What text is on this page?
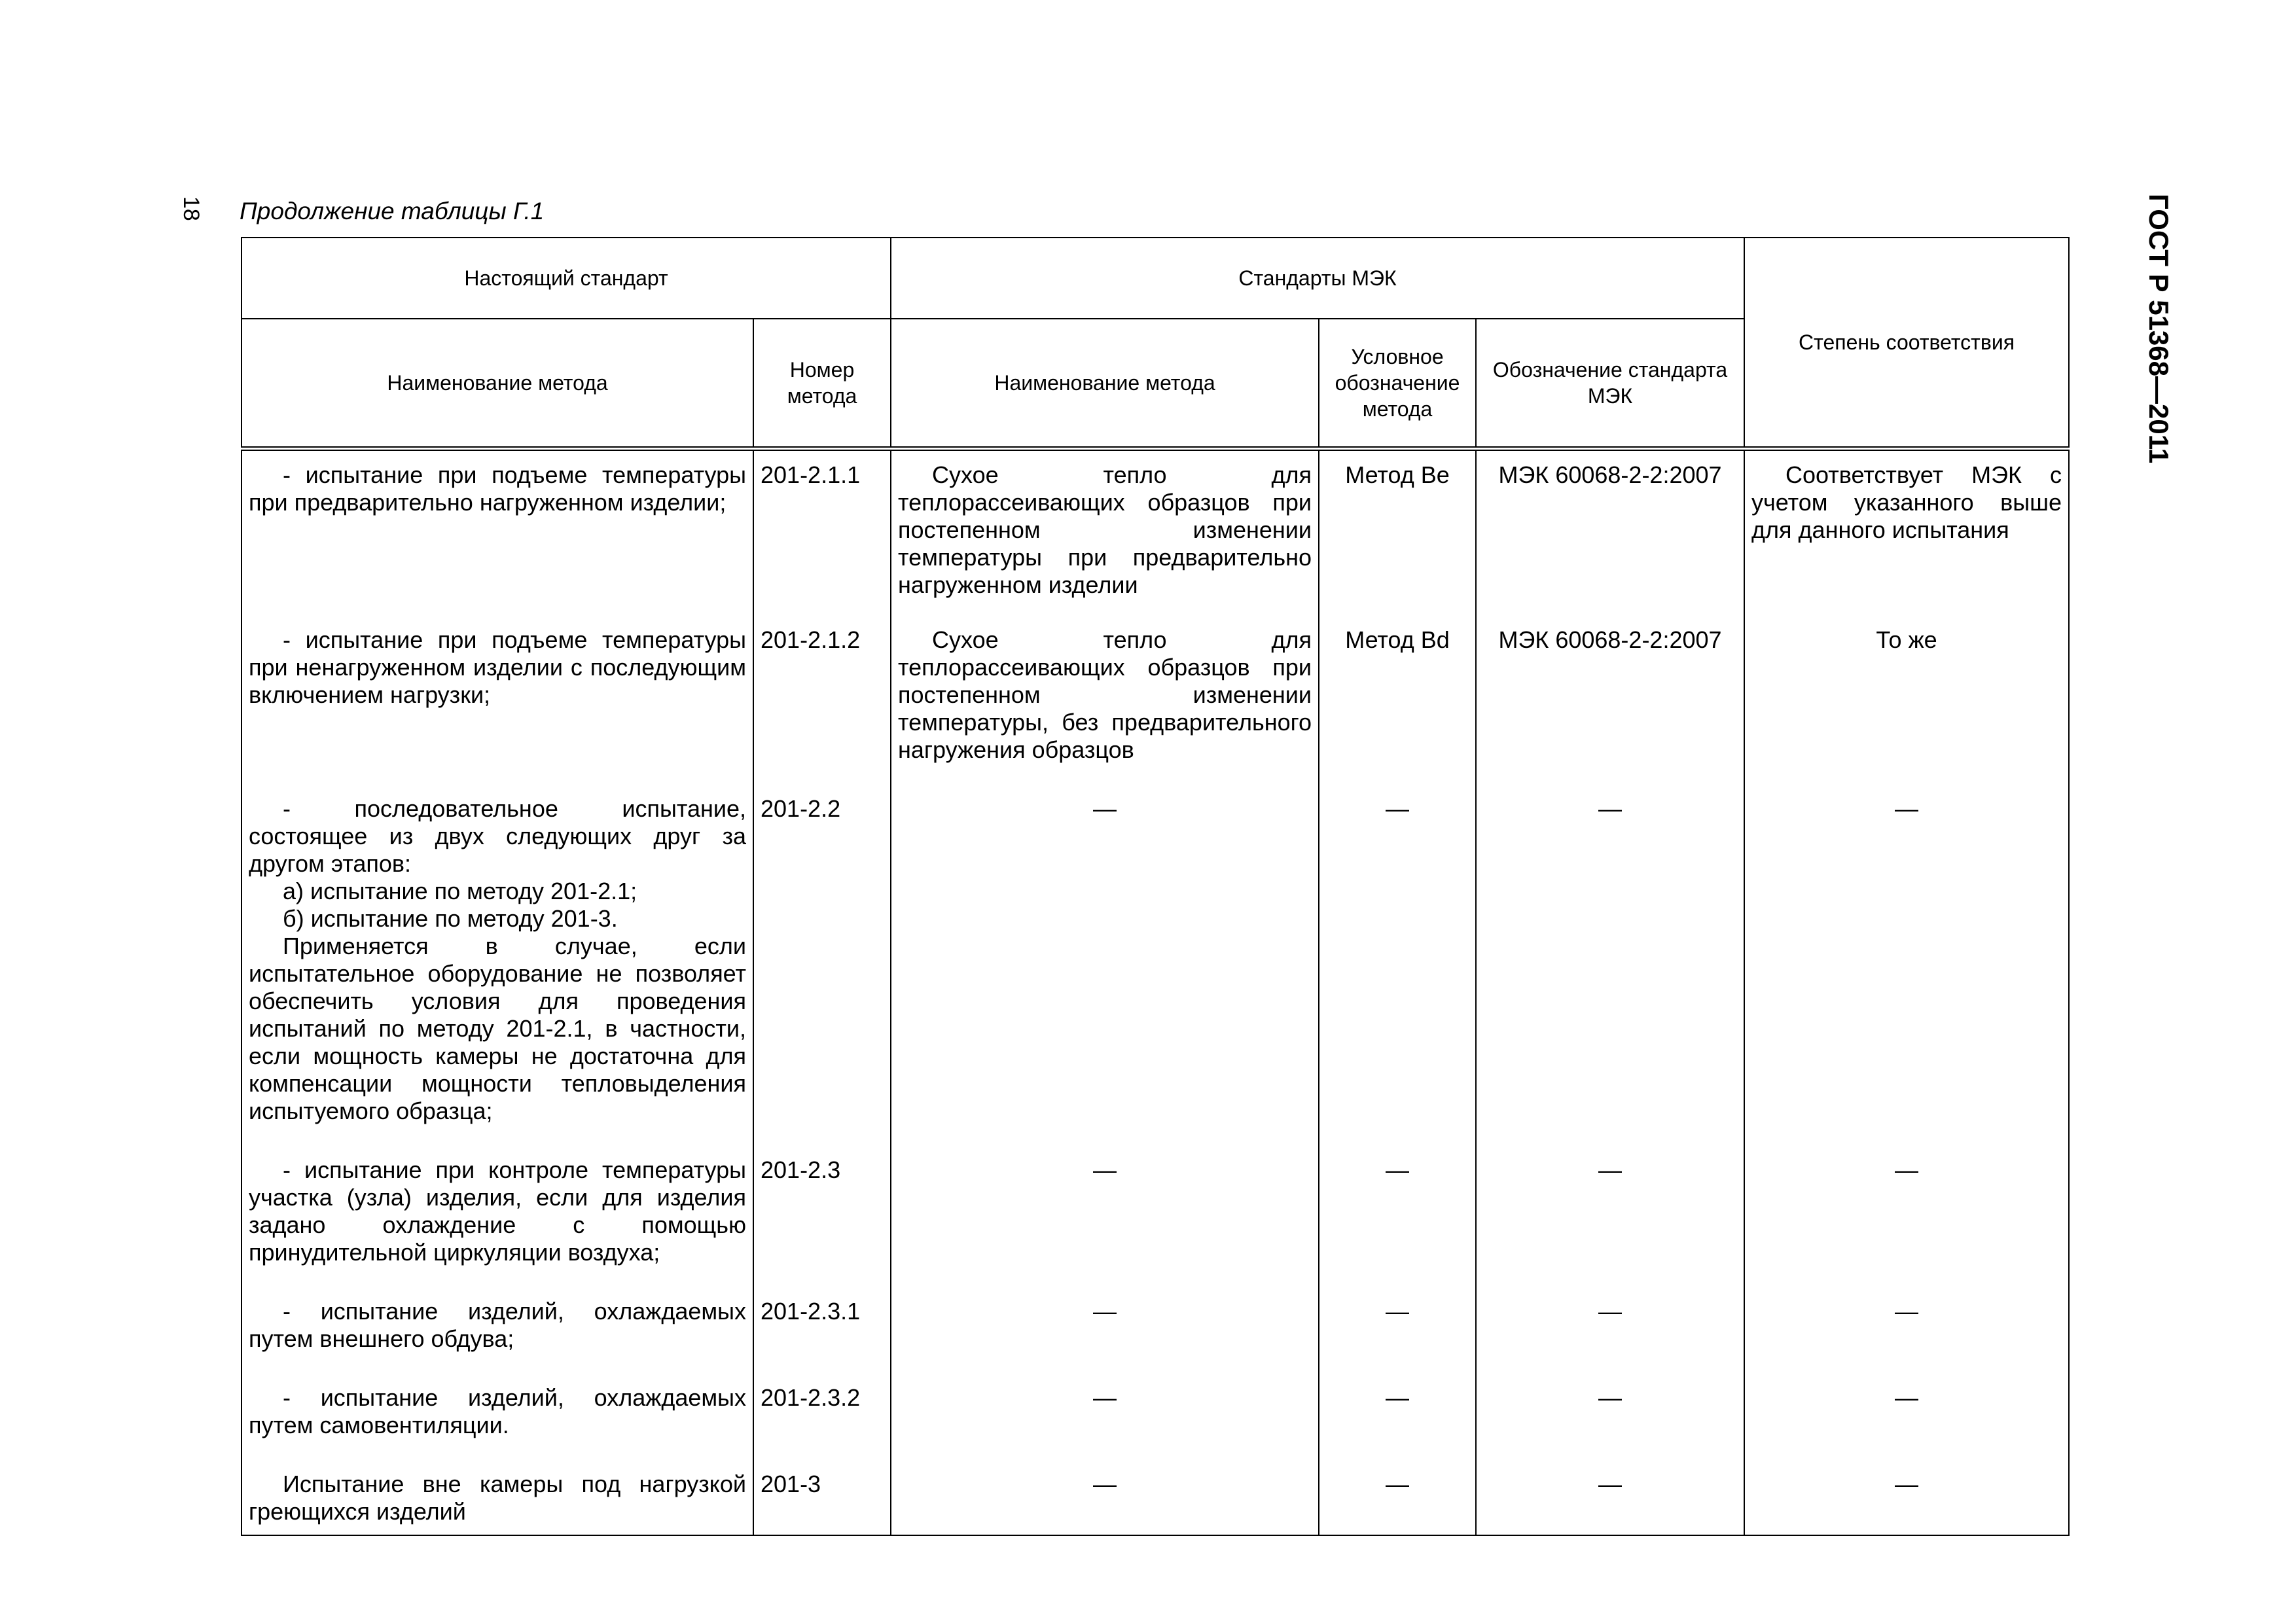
18	ГОСТ Р 51368—2011
Продолжение таблицы Г.1
Настоящий стандарт		Стандарты МЭК			Степень соответствия
Наименование метода	Номер метода	Наименование метода	Условное обозначение метода	Обозначение стандарта МЭК	

- испытание при подъеме температуры при предварительно нагруженном изделии;	201-2.1.1	Сухое тепло для теплорассеивающих образцов при постепенном изменении температуры при предварительно нагруженном изделии	Метод Be	МЭК 60068-2-2:2007	Соответствует МЭК с учетом указанного выше для данного испытания

- испытание при подъеме температуры при ненагруженном изделии с последующим включением нагрузки;	201-2.1.2	Сухое тепло для теплорассеивающих образцов при постепенном изменении температуры, без предварительного нагружения образцов	Метод Bd	МЭК 60068-2-2:2007	То же

- последовательное испытание, состоящее из двух следующих друг за другом этапов:
а) испытание по методу 201-2.1;
б) испытание по методу 201-3.
Применяется в случае, если испытательное оборудование не позволяет обеспечить условия для проведения испытаний по методу 201-2.1, в частности, если мощность камеры не достаточна для компенсации мощности тепловыделения испытуемого образца;	201-2.2	—	—	—	—

- испытание при контроле температуры участка (узла) изделия, если для изделия задано охлаждение с помощью принудительной циркуляции воздуха;	201-2.3	—	—	—	—

- испытание изделий, охлаждаемых путем внешнего обдува;	201-2.3.1	—	—	—	—

- испытание изделий, охлаждаемых путем самовентиляции.	201-2.3.2	—	—	—	—

Испытание вне камеры под нагрузкой греющихся изделий	201-3	—	—	—	—
